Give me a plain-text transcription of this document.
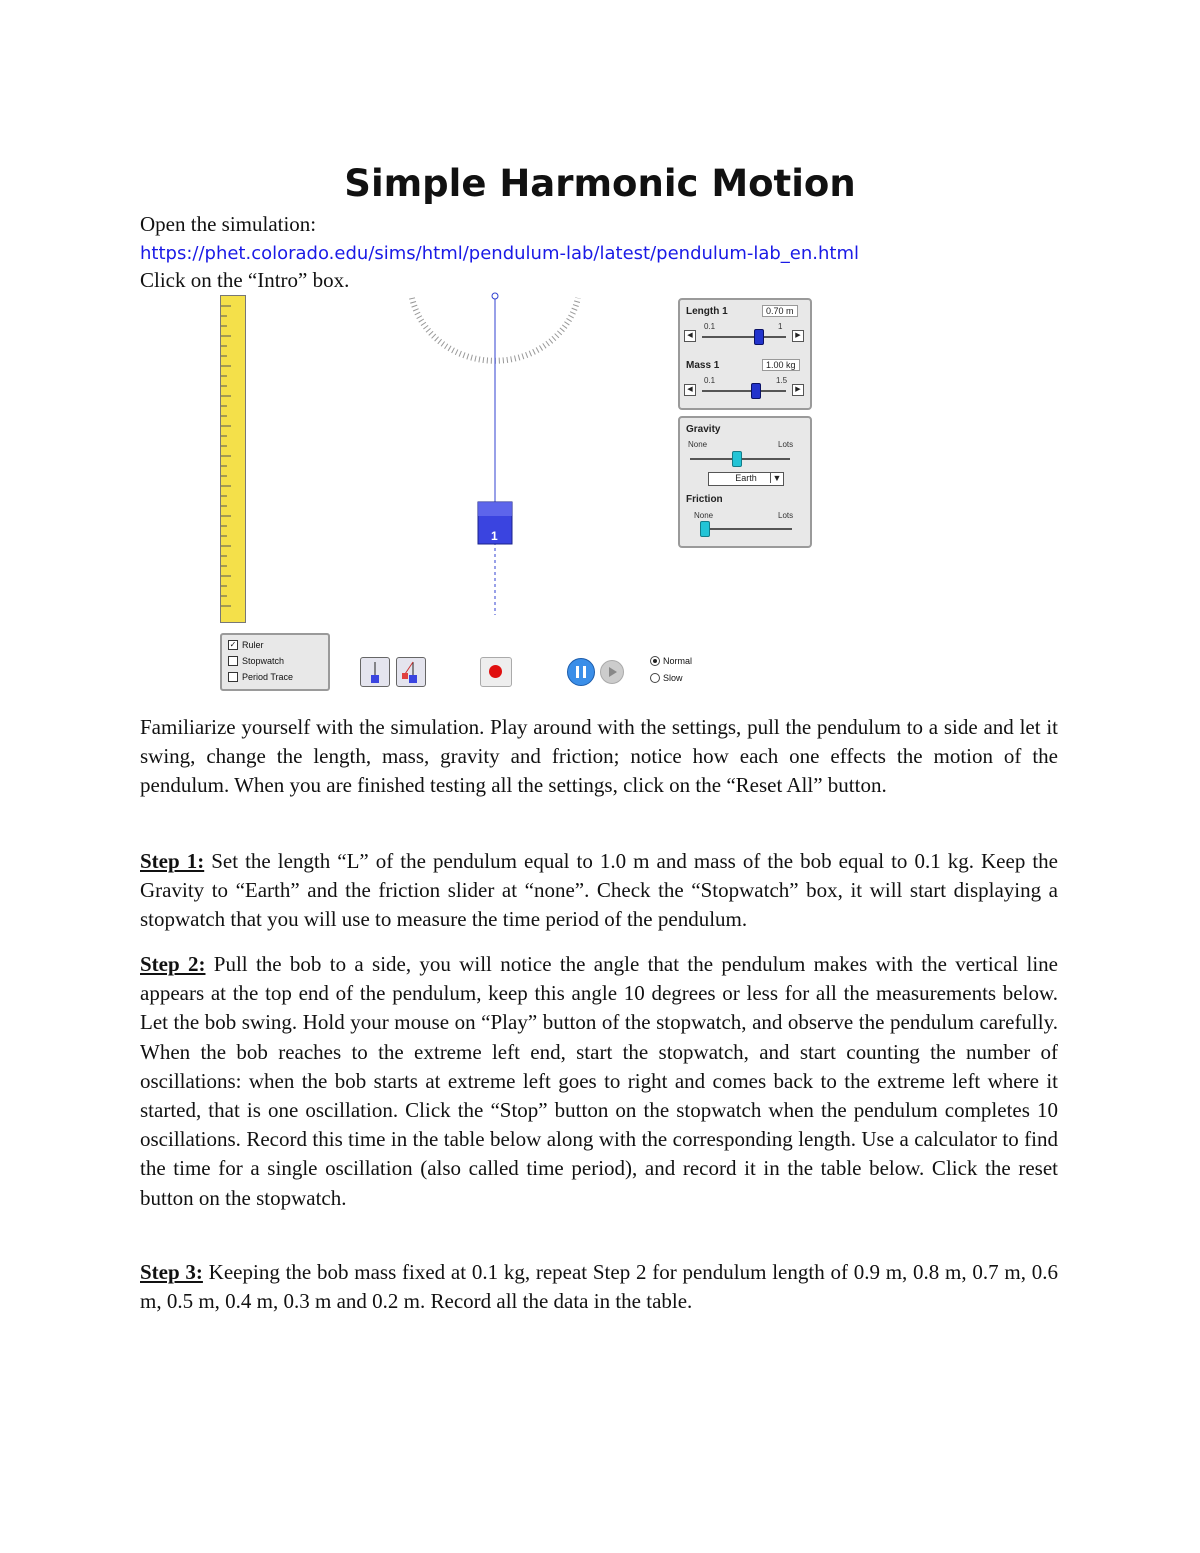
Simple Harmonic Motion
Open the simulation:
https://phet.colorado.edu/sims/html/pendulum-lab/latest/pendulum-lab_en.html
Click on the “Intro” box.
1
Length 1	0.70 m
0.1	1
◀	▶
Mass 1	1.00 kg
0.1	1.5
◀	▶
Gravity
None	Lots
Earth ▼
Friction
None	Lots
✓ Ruler
Stopwatch
Period Trace
Normal
Slow

Familiarize yourself with the simulation. Play around with the settings, pull the pendulum to a side and let it swing, change the length, mass, gravity and friction; notice how each one effects the motion of the pendulum. When you are finished testing all the settings, click on the “Reset All” button.

Step 1: Set the length “L” of the pendulum equal to 1.0 m and mass of the bob equal to 0.1 kg. Keep the Gravity to “Earth” and the friction slider at “none”. Check the “Stopwatch” box, it will start displaying a stopwatch that you will use to measure the time period of the pendulum.

Step 2: Pull the bob to a side, you will notice the angle that the pendulum makes with the vertical line appears at the top end of the pendulum, keep this angle 10 degrees or less for all the measurements below. Let the bob swing. Hold your mouse on “Play” button of the stopwatch, and observe the pendulum carefully. When the bob reaches to the extreme left end, start the stopwatch, and start counting the number of oscillations: when the bob starts at extreme left goes to right and comes back to the extreme left where it started, that is one oscillation. Click the “Stop” button on the stopwatch when the pendulum completes 10 oscillations. Record this time in the table below along with the corresponding length. Use a calculator to find the time for a single oscillation (also called time period), and record it in the table below. Click the reset button on the stopwatch.

Step 3: Keeping the bob mass fixed at 0.1 kg, repeat Step 2 for pendulum length of 0.9 m, 0.8 m, 0.7 m, 0.6 m, 0.5 m, 0.4 m, 0.3 m and 0.2 m. Record all the data in the table.
